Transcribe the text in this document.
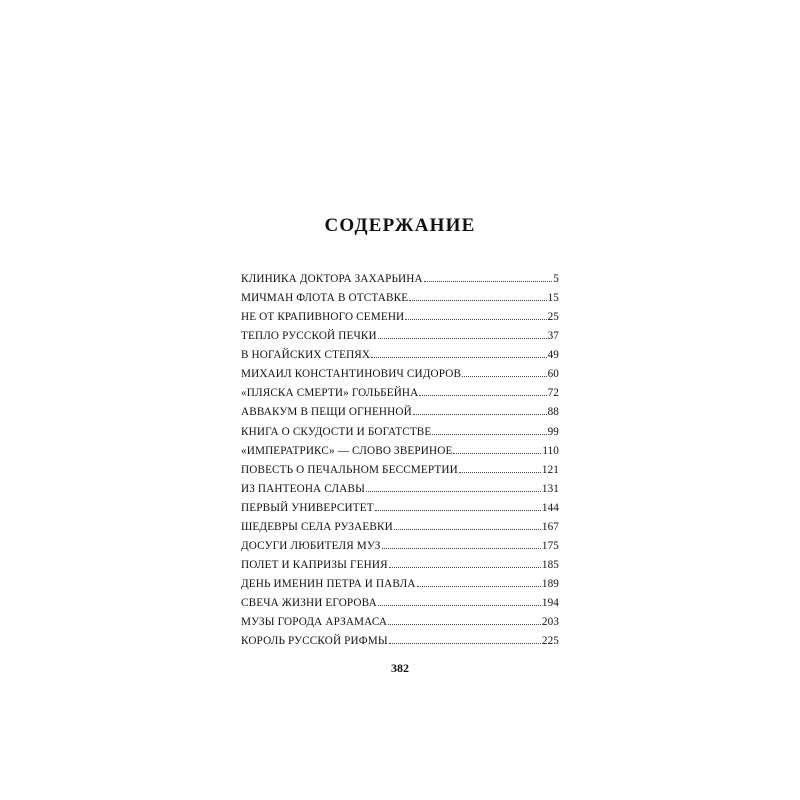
СОДЕРЖАНИЕ
КЛИНИКА ДОКТОРА ЗАХАРЬИНА	5
МИЧМАН ФЛОТА В ОТСТАВКЕ	15
НЕ ОТ КРАПИВНОГО СЕМЕНИ	25
ТЕПЛО РУССКОЙ ПЕЧКИ	37
В НОГАЙСКИХ СТЕПЯХ	49
МИХАИЛ КОНСТАНТИНОВИЧ СИДОРОВ	60
«ПЛЯСКА СМЕРТИ» ГОЛЬБЕЙНА	72
АВВАКУМ В ПЕЩИ ОГНЕННОЙ	88
КНИГА О СКУДОСТИ И БОГАТСТВЕ	99
«ИМПЕРАТРИКС» — СЛОВО ЗВЕРИНОЕ	110
ПОВЕСТЬ О ПЕЧАЛЬНОМ БЕССМЕРТИИ	121
ИЗ ПАНТЕОНА СЛАВЫ	131
ПЕРВЫЙ УНИВЕРСИТЕТ	144
ШЕДЕВРЫ СЕЛА РУЗАЕВКИ	167
ДОСУГИ ЛЮБИТЕЛЯ МУЗ	175
ПОЛЕТ И КАПРИЗЫ ГЕНИЯ	185
ДЕНЬ ИМЕНИН ПЕТРА И ПАВЛА	189
СВЕЧА ЖИЗНИ ЕГОРОВА	194
МУЗЫ ГОРОДА АРЗАМАСА	203
КОРОЛЬ РУССКОЙ РИФМЫ	225
382
